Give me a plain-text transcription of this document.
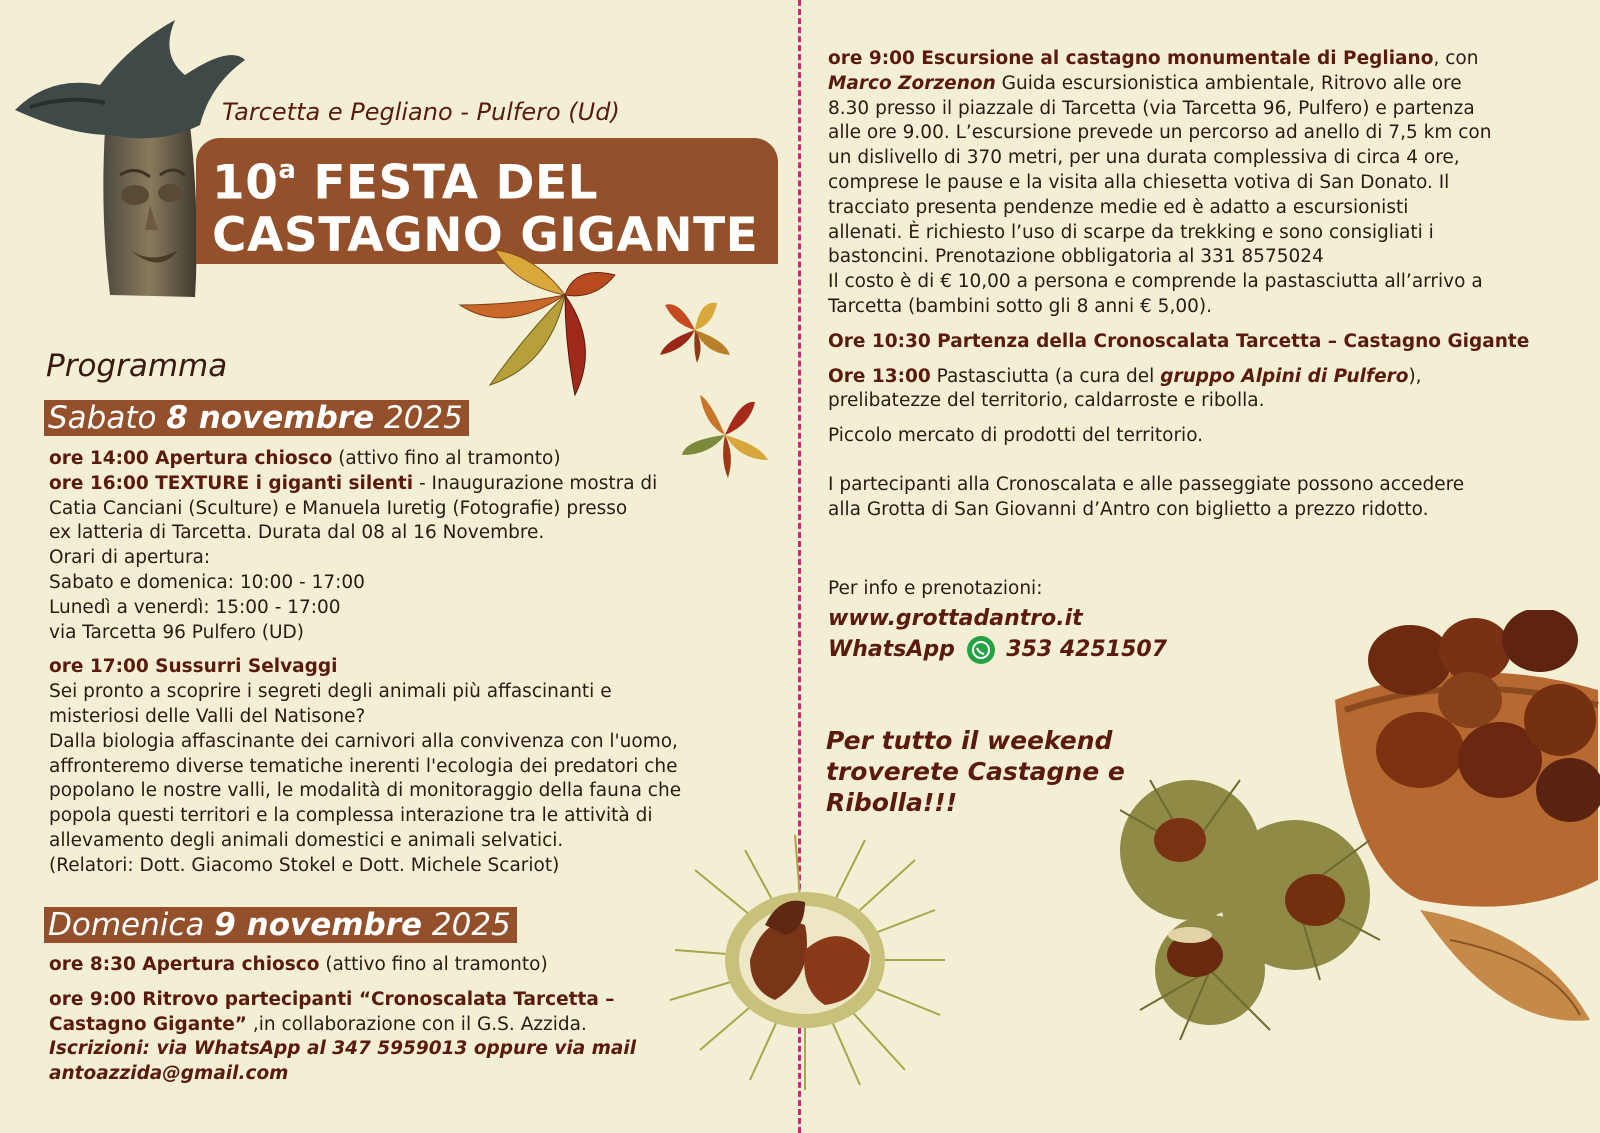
Tarcetta e Pegliano - Pulfero (Ud)
10$^a$ FESTA DEL
CASTAGNO GIGANTE
Programma
Sabato 8 novembre 2025
ore 14:00 Apertura chiosco (attivo fino al tramonto)
ore 16:00 TEXTURE i giganti silenti - Inaugurazione mostra di
Catia Canciani (Sculture) e Manuela Iuretig (Fotografie) presso
ex latteria di Tarcetta. Durata dal 08 al 16 Novembre.
Orari di apertura:
Sabato e domenica: 10:00 - 17:00
Lunedì a venerdì: 15:00 - 17:00
via Tarcetta 96 Pulfero (UD)
ore 17:00 Sussurri Selvaggi
Sei pronto a scoprire i segreti degli animali più affascinanti e
misteriosi delle Valli del Natisone?
Dalla biologia affascinante dei carnivori alla convivenza con l'uomo,
affronteremo diverse tematiche inerenti l'ecologia dei predatori che
popolano le nostre valli, le modalità di monitoraggio della fauna che
popola questi territori e la complessa interazione tra le attività di
allevamento degli animali domestici e animali selvatici.
(Relatori: Dott. Giacomo Stokel e Dott. Michele Scariot)
Domenica 9 novembre 2025
ore 8:30 Apertura chiosco (attivo fino al tramonto)
ore 9:00 Ritrovo partecipanti “Cronoscalata Tarcetta –
Castagno Gigante” ,in collaborazione con il G.S. Azzida.
Iscrizioni: via WhatsApp al 347 5959013 oppure via mail
antoazzida@gmail.com
ore 9:00 Escursione al castagno monumentale di Pegliano, con
Marco Zorzenon Guida escursionistica ambientale, Ritrovo alle ore
8.30 presso il piazzale di Tarcetta (via Tarcetta 96, Pulfero) e partenza
alle ore 9.00. L’escursione prevede un percorso ad anello di 7,5 km con
un dislivello di 370 metri, per una durata complessiva di circa 4 ore,
comprese le pause e la visita alla chiesetta votiva di San Donato. Il
tracciato presenta pendenze medie ed è adatto a escursionisti
allenati. È richiesto l’uso di scarpe da trekking e sono consigliati i
bastoncini. Prenotazione obbligatoria al 331 8575024
Il costo è di € 10,00 a persona e comprende la pastasciutta all’arrivo a
Tarcetta (bambini sotto gli 8 anni € 5,00).
Ore 10:30 Partenza della Cronoscalata Tarcetta – Castagno Gigante
Ore 13:00 Pastasciutta (a cura del gruppo Alpini di Pulfero),
prelibatezze del territorio, caldarroste e ribolla.
Piccolo mercato di prodotti del territorio.
I partecipanti alla Cronoscalata e alle passeggiate possono accedere
alla Grotta di San Giovanni d’Antro con biglietto a prezzo ridotto.
Per info e prenotazioni:
www.grottadantro.it
WhatsApp 353 4251507
Per tutto il weekend
troverete Castagne e
Ribolla!!!
